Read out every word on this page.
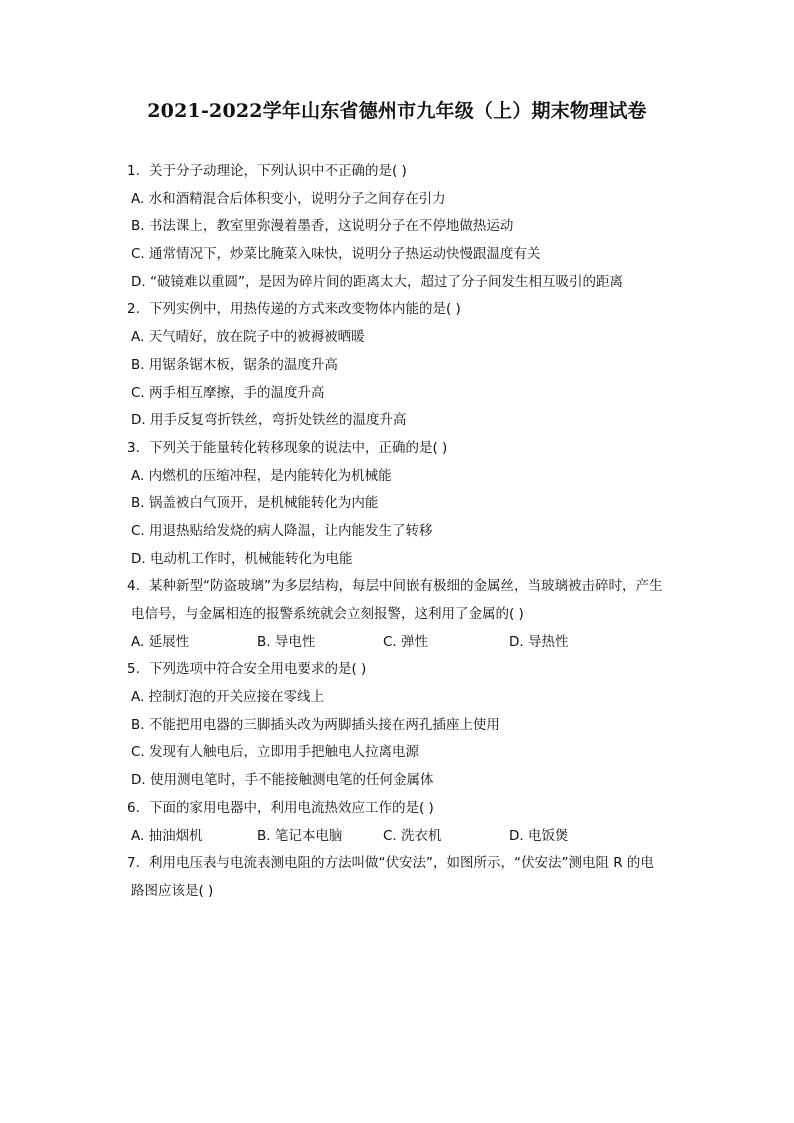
2021-2022学年山东省德州市九年级（上）期末物理试卷
1. 关于分子动理论，下列认识中不正确的是( )
A. 水和酒精混合后体积变小，说明分子之间存在引力
B. 书法课上，教室里弥漫着墨香，这说明分子在不停地做热运动
C. 通常情况下，炒菜比腌菜入味快，说明分子热运动快慢跟温度有关
D. “破镜难以重圆”，是因为碎片间的距离太大，超过了分子间发生相互吸引的距离
2. 下列实例中，用热传递的方式来改变物体内能的是( )
A. 天气晴好，放在院子中的被褥被晒暖
B. 用锯条锯木板，锯条的温度升高
C. 两手相互摩擦，手的温度升高
D. 用手反复弯折铁丝，弯折处铁丝的温度升高
3. 下列关于能量转化转移现象的说法中，正确的是( )
A. 内燃机的压缩冲程，是内能转化为机械能
B. 锅盖被白气顶开，是机械能转化为内能
C. 用退热贴给发烧的病人降温，让内能发生了转移
D. 电动机工作时，机械能转化为电能
4. 某种新型“防盗玻璃”为多层结构，每层中间嵌有极细的金属丝，当玻璃被击碎时，产生
电信号，与金属相连的报警系统就会立刻报警，这利用了金属的( )
A. 延展性	B. 导电性	C. 弹性	D. 导热性
5. 下列选项中符合安全用电要求的是( )
A. 控制灯泡的开关应接在零线上
B. 不能把用电器的三脚插头改为两脚插头接在两孔插座上使用
C. 发现有人触电后，立即用手把触电人拉离电源
D. 使用测电笔时，手不能接触测电笔的任何金属体
6. 下面的家用电器中，利用电流热效应工作的是( )
A. 抽油烟机	B. 笔记本电脑	C. 洗衣机	D. 电饭煲
7. 利用电压表与电流表测电阻的方法叫做“伏安法”，如图所示，“伏安法”测电阻 R 的电
路图应该是( )
